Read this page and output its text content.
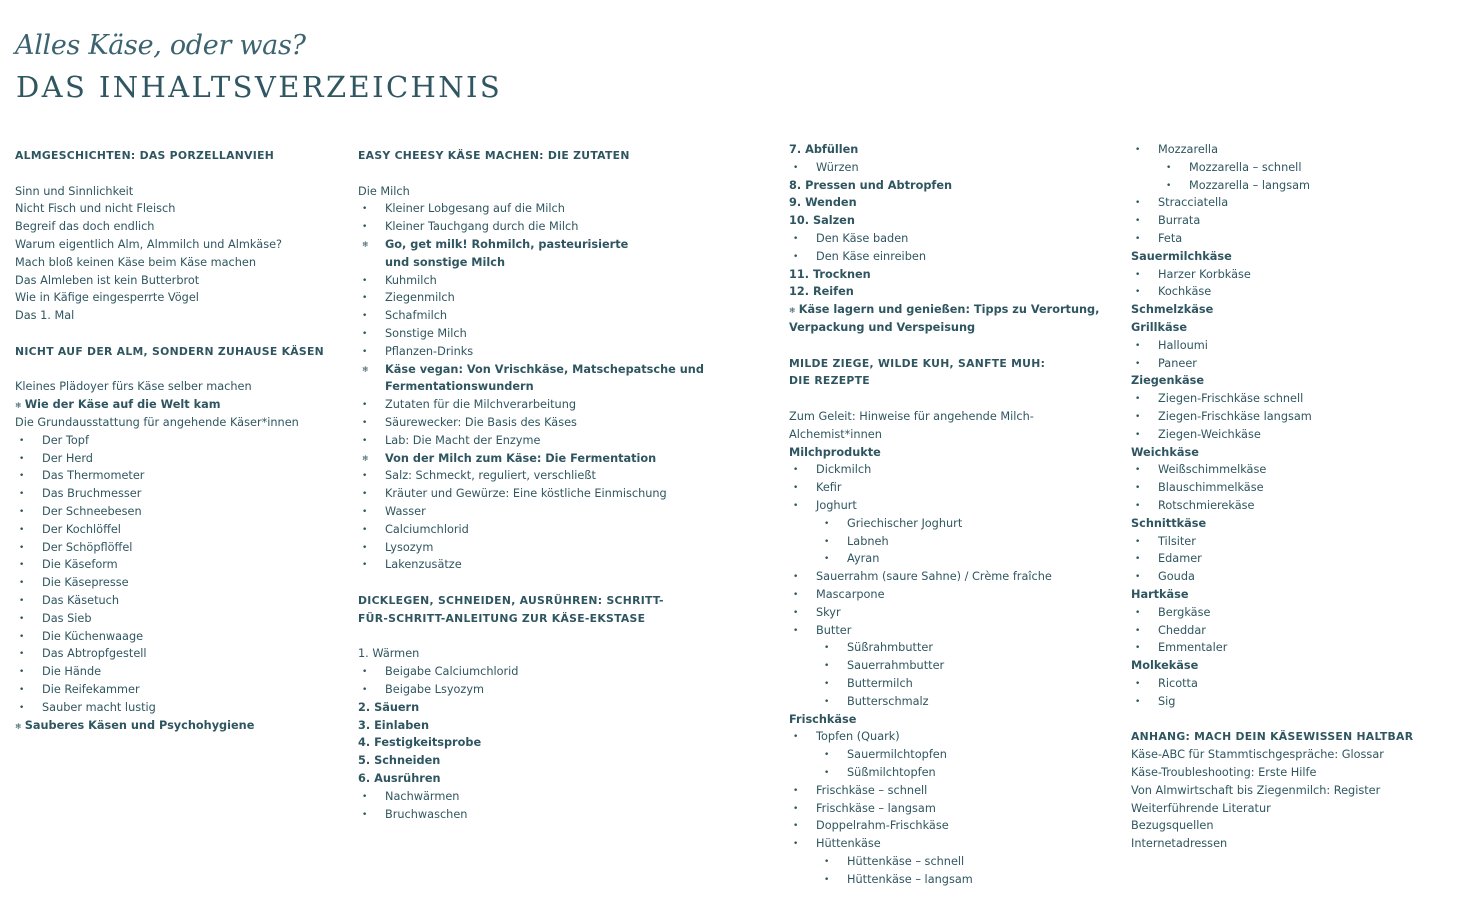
Alles Käse, oder was?
DAS INHALTSVERZEICHNIS
ALMGESCHICHTEN: DAS PORZELLANVIEH
Sinn und Sinnlichkeit
Nicht Fisch und nicht Fleisch
Begreif das doch endlich
Warum eigentlich Alm, Almmilch und Almkäse?
Mach bloß keinen Käse beim Käse machen
Das Almleben ist kein Butterbrot
Wie in Käfige eingesperrte Vögel
Das 1. Mal
NICHT AUF DER ALM, SONDERN ZUHAUSE KÄSEN
Kleines Plädoyer fürs Käse selber machen
❄ Wie der Käse auf die Welt kam
Die Grundausstattung für angehende Käser*innen
• Der Topf
• Der Herd
• Das Thermometer
• Das Bruchmesser
• Der Schneebesen
• Der Kochlöffel
• Der Schöpflöffel
• Die Käseform
• Die Käsepresse
• Das Käsetuch
• Das Sieb
• Die Küchenwaage
• Das Abtropfgestell
• Die Hände
• Die Reifekammer
• Sauber macht lustig
❄ Sauberes Käsen und Psychohygiene
EASY CHEESY KÄSE MACHEN: DIE ZUTATEN
Die Milch
• Kleiner Lobgesang auf die Milch
• Kleiner Tauchgang durch die Milch
❄ Go, get milk! Rohmilch, pasteurisierte
und sonstige Milch
• Kuhmilch
• Ziegenmilch
• Schafmilch
• Sonstige Milch
• Pflanzen-Drinks
❄ Käse vegan: Von Vrischkäse, Matschepatsche und
Fermentationswundern
• Zutaten für die Milchverarbeitung
• Säurewecker: Die Basis des Käses
• Lab: Die Macht der Enzyme
❄ Von der Milch zum Käse: Die Fermentation
• Salz: Schmeckt, reguliert, verschließt
• Kräuter und Gewürze: Eine köstliche Einmischung
• Wasser
• Calciumchlorid
• Lysozym
• Lakenzusätze
DICKLEGEN, SCHNEIDEN, AUSRÜHREN: SCHRITT-
FÜR-SCHRITT-ANLEITUNG ZUR KÄSE-EKSTASE
1. Wärmen
• Beigabe Calciumchlorid
• Beigabe Lsyozym
2. Säuern
3. Einlaben
4. Festigkeitsprobe
5. Schneiden
6. Ausrühren
• Nachwärmen
• Bruchwaschen
7. Abfüllen
• Würzen
8. Pressen und Abtropfen
9. Wenden
10. Salzen
• Den Käse baden
• Den Käse einreiben
11. Trocknen
12. Reifen
❄ Käse lagern und genießen: Tipps zu Verortung,
Verpackung und Verspeisung
MILDE ZIEGE, WILDE KUH, SANFTE MUH:
DIE REZEPTE
Zum Geleit: Hinweise für angehende Milch-
Alchemist*innen
Milchprodukte
• Dickmilch
• Kefir
• Joghurt
• Griechischer Joghurt
• Labneh
• Ayran
• Sauerrahm (saure Sahne) / Crème fraîche
• Mascarpone
• Skyr
• Butter
• Süßrahmbutter
• Sauerrahmbutter
• Buttermilch
• Butterschmalz
Frischkäse
• Topfen (Quark)
• Sauermilchtopfen
• Süßmilchtopfen
• Frischkäse – schnell
• Frischkäse – langsam
• Doppelrahm-Frischkäse
• Hüttenkäse
• Hüttenkäse – schnell
• Hüttenkäse – langsam
• Mozzarella
• Mozzarella – schnell
• Mozzarella – langsam
• Stracciatella
• Burrata
• Feta
Sauermilchkäse
• Harzer Korbkäse
• Kochkäse
Schmelzkäse
Grillkäse
• Halloumi
• Paneer
Ziegenkäse
• Ziegen-Frischkäse schnell
• Ziegen-Frischkäse langsam
• Ziegen-Weichkäse
Weichkäse
• Weißschimmelkäse
• Blauschimmelkäse
• Rotschmierekäse
Schnittkäse
• Tilsiter
• Edamer
• Gouda
Hartkäse
• Bergkäse
• Cheddar
• Emmentaler
Molkekäse
• Ricotta
• Sig
ANHANG: MACH DEIN KÄSEWISSEN HALTBAR
Käse-ABC für Stammtischgespräche: Glossar
Käse-Troubleshooting: Erste Hilfe
Von Almwirtschaft bis Ziegenmilch: Register
Weiterführende Literatur
Bezugsquellen
Internetadressen
